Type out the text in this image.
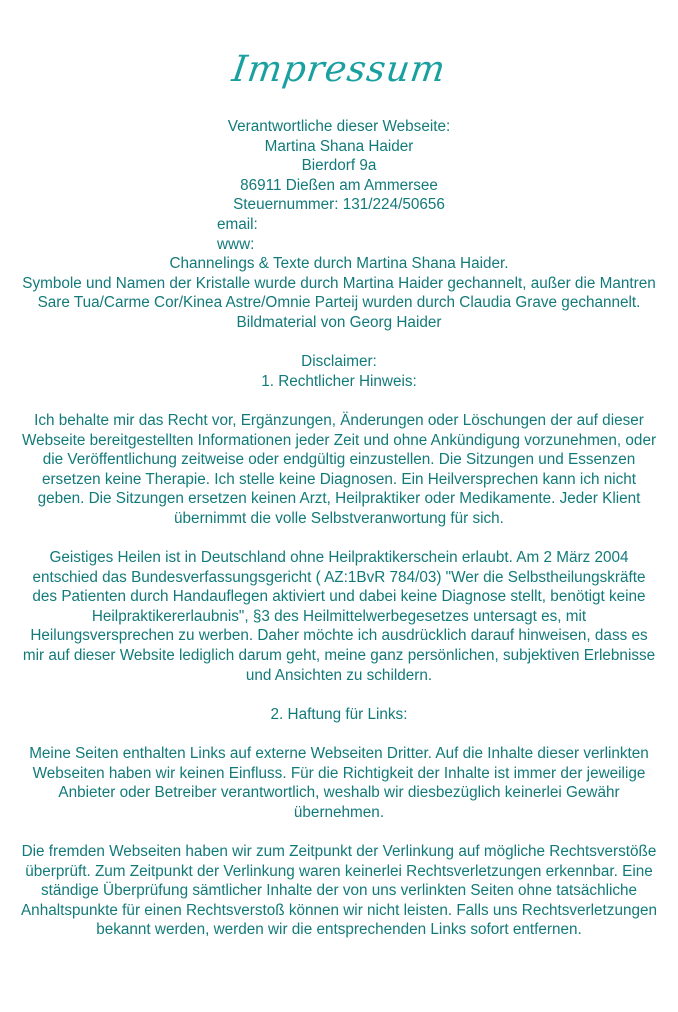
Impressum
Verantwortliche dieser Webseite:
Martina Shana Haider
Bierdorf 9a
86911 Dießen am Ammersee
Steuernummer: 131/224/50656
email:
www:
Channelings & Texte durch Martina Shana Haider.
Symbole und Namen der Kristalle wurde durch Martina Haider gechannelt, außer die Mantren Sare Tua/Carme Cor/Kinea Astre/Omnie Parteij wurden durch Claudia Grave gechannelt.
Bildmaterial von Georg Haider
Disclaimer:
1. Rechtlicher Hinweis:
Ich behalte mir das Recht vor, Ergänzungen, Änderungen oder Löschungen der auf dieser Webseite bereitgestellten Informationen jeder Zeit und ohne Ankündigung vorzunehmen, oder die Veröffentlichung zeitweise oder endgültig einzustellen. Die Sitzungen und Essenzen ersetzen keine Therapie. Ich stelle keine Diagnosen. Ein Heilversprechen kann ich nicht geben. Die Sitzungen ersetzen keinen Arzt, Heilpraktiker oder Medikamente. Jeder Klient übernimmt die volle Selbstveranwortung für sich.
Geistiges Heilen ist in Deutschland ohne Heilpraktikerschein erlaubt. Am 2 März 2004 entschied das Bundesverfassungsgericht ( AZ:1BvR 784/03) "Wer die Selbstheilungskräfte des Patienten durch Handauflegen aktiviert und dabei keine Diagnose stellt, benötigt keine Heilpraktikererlaubnis", §3 des Heilmittelwerbegesetzes untersagt es, mit Heilungsversprechen zu werben. Daher möchte ich ausdrücklich darauf hinweisen, dass es mir auf dieser Website lediglich darum geht, meine ganz persönlichen, subjektiven Erlebnisse und Ansichten zu schildern.
2. Haftung für Links:
Meine Seiten enthalten Links auf externe Webseiten Dritter. Auf die Inhalte dieser verlinkten Webseiten haben wir keinen Einfluss. Für die Richtigkeit der Inhalte ist immer der jeweilige Anbieter oder Betreiber verantwortlich, weshalb wir diesbezüglich keinerlei Gewähr übernehmen.
Die fremden Webseiten haben wir zum Zeitpunkt der Verlinkung auf mögliche Rechtsverstöße überprüft. Zum Zeitpunkt der Verlinkung waren keinerlei Rechtsverletzungen erkennbar. Eine ständige Überprüfung sämtlicher Inhalte der von uns verlinkten Seiten ohne tatsächliche Anhaltspunkte für einen Rechtsverstoß können wir nicht leisten. Falls uns Rechtsverletzungen bekannt werden, werden wir die entsprechenden Links sofort entfernen.
